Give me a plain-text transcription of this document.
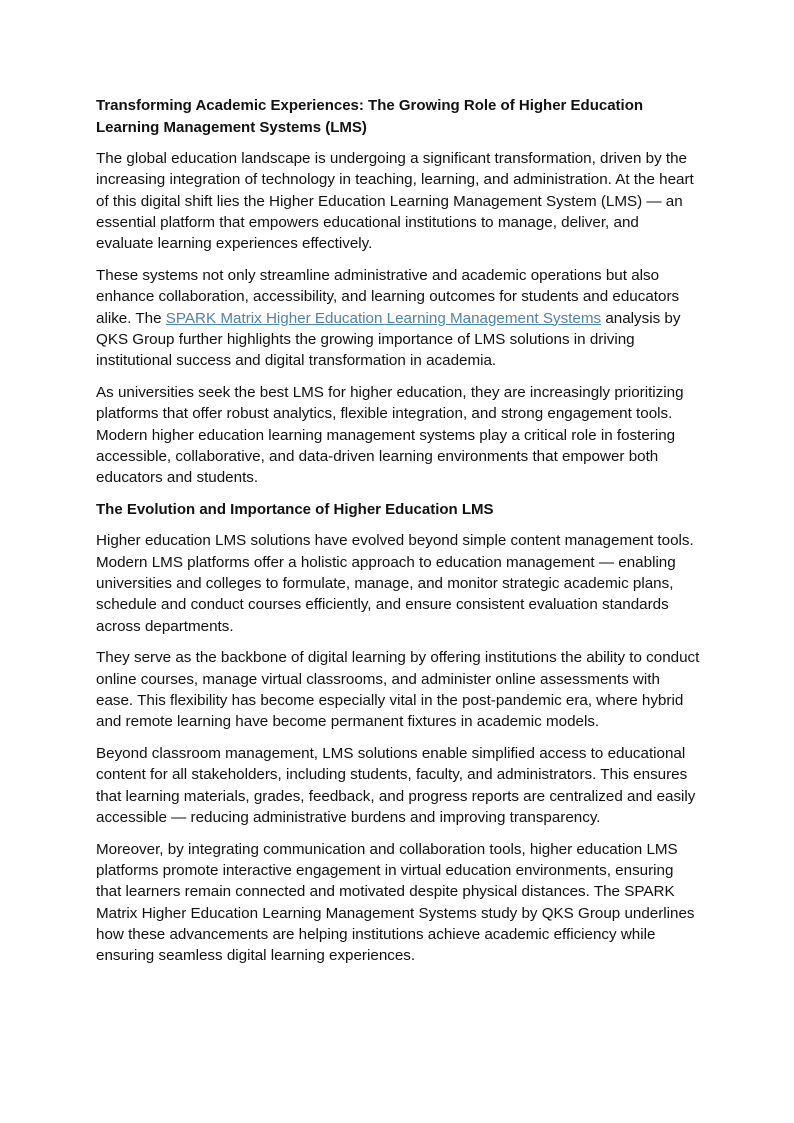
Transforming Academic Experiences: The Growing Role of Higher Education Learning Management Systems (LMS)

The global education landscape is undergoing a significant transformation, driven by the increasing integration of technology in teaching, learning, and administration. At the heart of this digital shift lies the Higher Education Learning Management System (LMS) — an essential platform that empowers educational institutions to manage, deliver, and evaluate learning experiences effectively.

These systems not only streamline administrative and academic operations but also enhance collaboration, accessibility, and learning outcomes for students and educators alike. The SPARK Matrix Higher Education Learning Management Systems analysis by QKS Group further highlights the growing importance of LMS solutions in driving institutional success and digital transformation in academia.

As universities seek the best LMS for higher education, they are increasingly prioritizing platforms that offer robust analytics, flexible integration, and strong engagement tools. Modern higher education learning management systems play a critical role in fostering accessible, collaborative, and data-driven learning environments that empower both educators and students.

The Evolution and Importance of Higher Education LMS

Higher education LMS solutions have evolved beyond simple content management tools. Modern LMS platforms offer a holistic approach to education management — enabling universities and colleges to formulate, manage, and monitor strategic academic plans, schedule and conduct courses efficiently, and ensure consistent evaluation standards across departments.

They serve as the backbone of digital learning by offering institutions the ability to conduct online courses, manage virtual classrooms, and administer online assessments with ease. This flexibility has become especially vital in the post-pandemic era, where hybrid and remote learning have become permanent fixtures in academic models.

Beyond classroom management, LMS solutions enable simplified access to educational content for all stakeholders, including students, faculty, and administrators. This ensures that learning materials, grades, feedback, and progress reports are centralized and easily accessible — reducing administrative burdens and improving transparency.

Moreover, by integrating communication and collaboration tools, higher education LMS platforms promote interactive engagement in virtual education environments, ensuring that learners remain connected and motivated despite physical distances. The SPARK Matrix Higher Education Learning Management Systems study by QKS Group underlines how these advancements are helping institutions achieve academic efficiency while ensuring seamless digital learning experiences.
